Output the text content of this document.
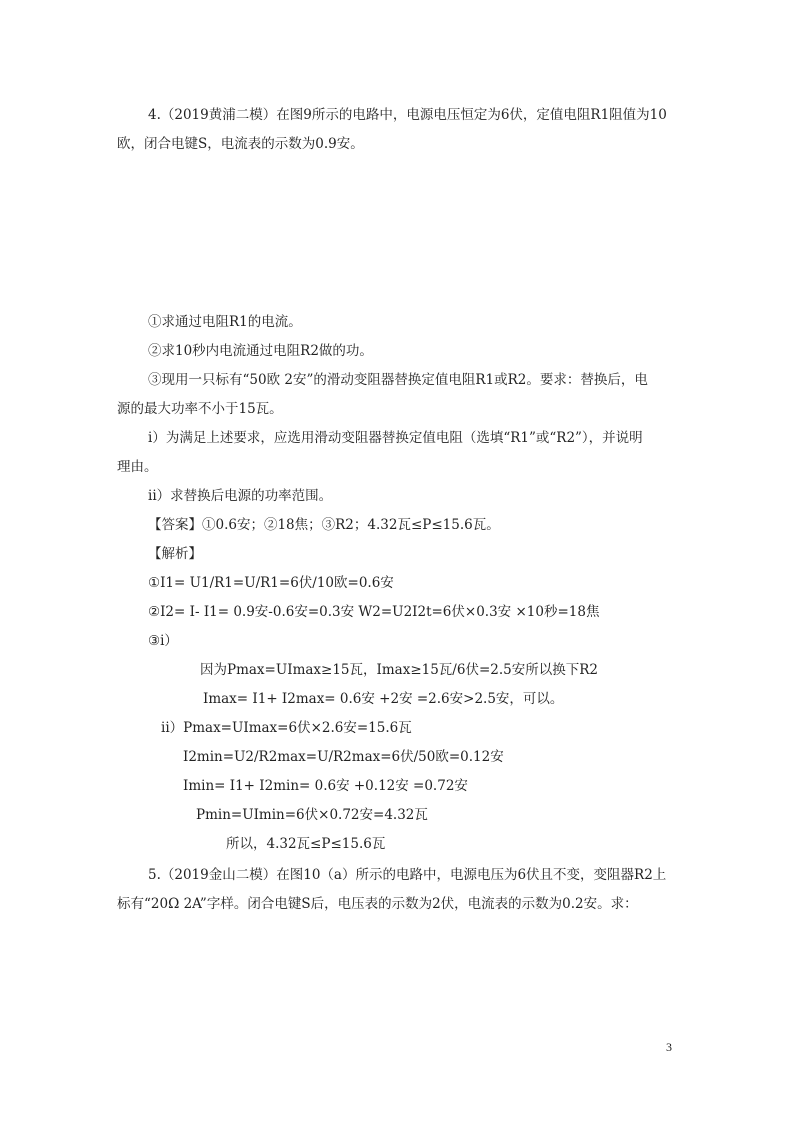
4.（2019黄浦二模）在图9所示的电路中，电源电压恒定为6伏，定值电阻R1阻值为10
欧，闭合电键S，电流表的示数为0.9安。
①求通过电阻R1的电流。
②求10秒内电流通过电阻R2做的功。
③现用一只标有“50欧 2安”的滑动变阻器替换定值电阻R1或R2。要求：替换后，电
源的最大功率不小于15瓦。
i）为满足上述要求，应选用滑动变阻器替换定值电阻（选填“R1”或“R2”），并说明
理由。
ii）求替换后电源的功率范围。
【答案】①0.6安；②18焦；③R2；4.32瓦≤P≤15.6瓦。
【解析】
①I1= U1/R1=U/R1=6伏/10欧=0.6安
②I2= I- I1= 0.9安-0.6安=0.3安 W2=U2I2t=6伏×0.3安 ×10秒=18焦
③i）
因为Pmax=UImax≥15瓦，Imax≥15瓦/6伏=2.5安所以换下R2
Imax= I1+ I2max= 0.6安 +2安 =2.6安>2.5安，可以。
ii）Pmax=UImax=6伏×2.6安=15.6瓦
I2min=U2/R2max=U/R2max=6伏/50欧=0.12安
Imin= I1+ I2min= 0.6安 +0.12安 =0.72安
Pmin=UImin=6伏×0.72安=4.32瓦
所以，4.32瓦≤P≤15.6瓦
5.（2019金山二模）在图10（a）所示的电路中，电源电压为6伏且不变，变阻器R2上
标有“20Ω 2A”字样。闭合电键S后，电压表的示数为2伏，电流表的示数为0.2安。求：
3
